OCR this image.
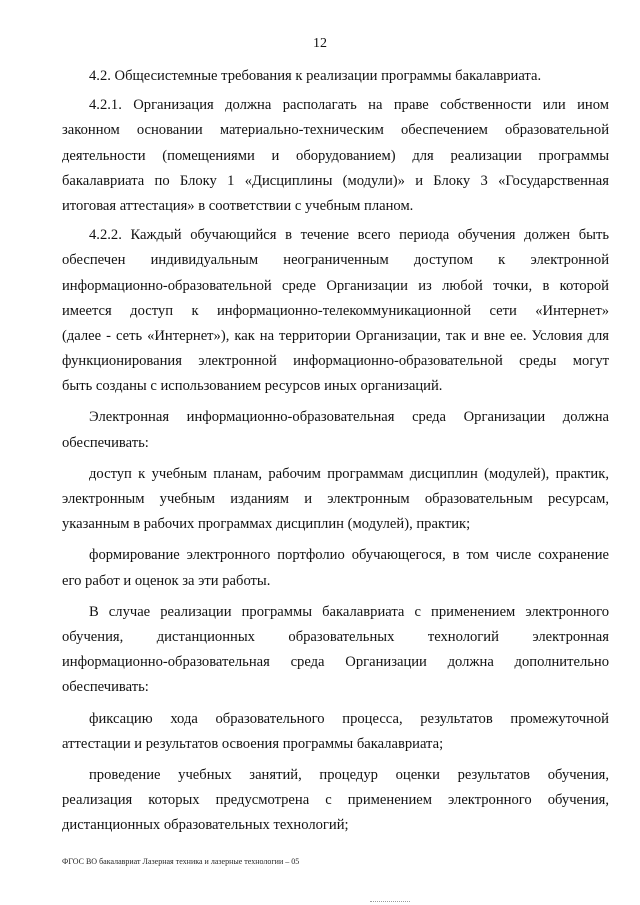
12
4.2. Общесистемные требования к реализации программы бакалавриата.
4.2.1. Организация должна располагать на праве собственности или ином
законном основании материально-техническим обеспечением образовательной
деятельности (помещениями и оборудованием) для реализации программы
бакалавриата по Блоку 1 «Дисциплины (модули)» и Блоку 3 «Государственная
итоговая аттестация» в соответствии с учебным планом.
4.2.2. Каждый обучающийся в течение всего периода обучения должен быть
обеспечен индивидуальным неограниченным доступом к электронной
информационно-образовательной среде Организации из любой точки, в которой
имеется доступ к информационно-телекоммуникационной сети «Интернет»
(далее - сеть «Интернет»), как на территории Организации, так и вне ее. Условия для
функционирования электронной информационно-образовательной среды могут
быть созданы с использованием ресурсов иных организаций.
Электронная информационно-образовательная среда Организации должна
обеспечивать:
доступ к учебным планам, рабочим программам дисциплин (модулей), практик,
электронным учебным изданиям и электронным образовательным ресурсам,
указанным в рабочих программах дисциплин (модулей), практик;
формирование электронного портфолио обучающегося, в том числе сохранение
его работ и оценок за эти работы.
В случае реализации программы бакалавриата с применением электронного
обучения, дистанционных образовательных технологий электронная
информационно-образовательная среда Организации должна дополнительно
обеспечивать:
фиксацию хода образовательного процесса, результатов промежуточной
аттестации и результатов освоения программы бакалавриата;
проведение учебных занятий, процедур оценки результатов обучения,
реализация которых предусмотрена с применением электронного обучения,
дистанционных образовательных технологий;
ФГОС ВО бакалавриат Лазерная техника и лазерные технологии – 05
